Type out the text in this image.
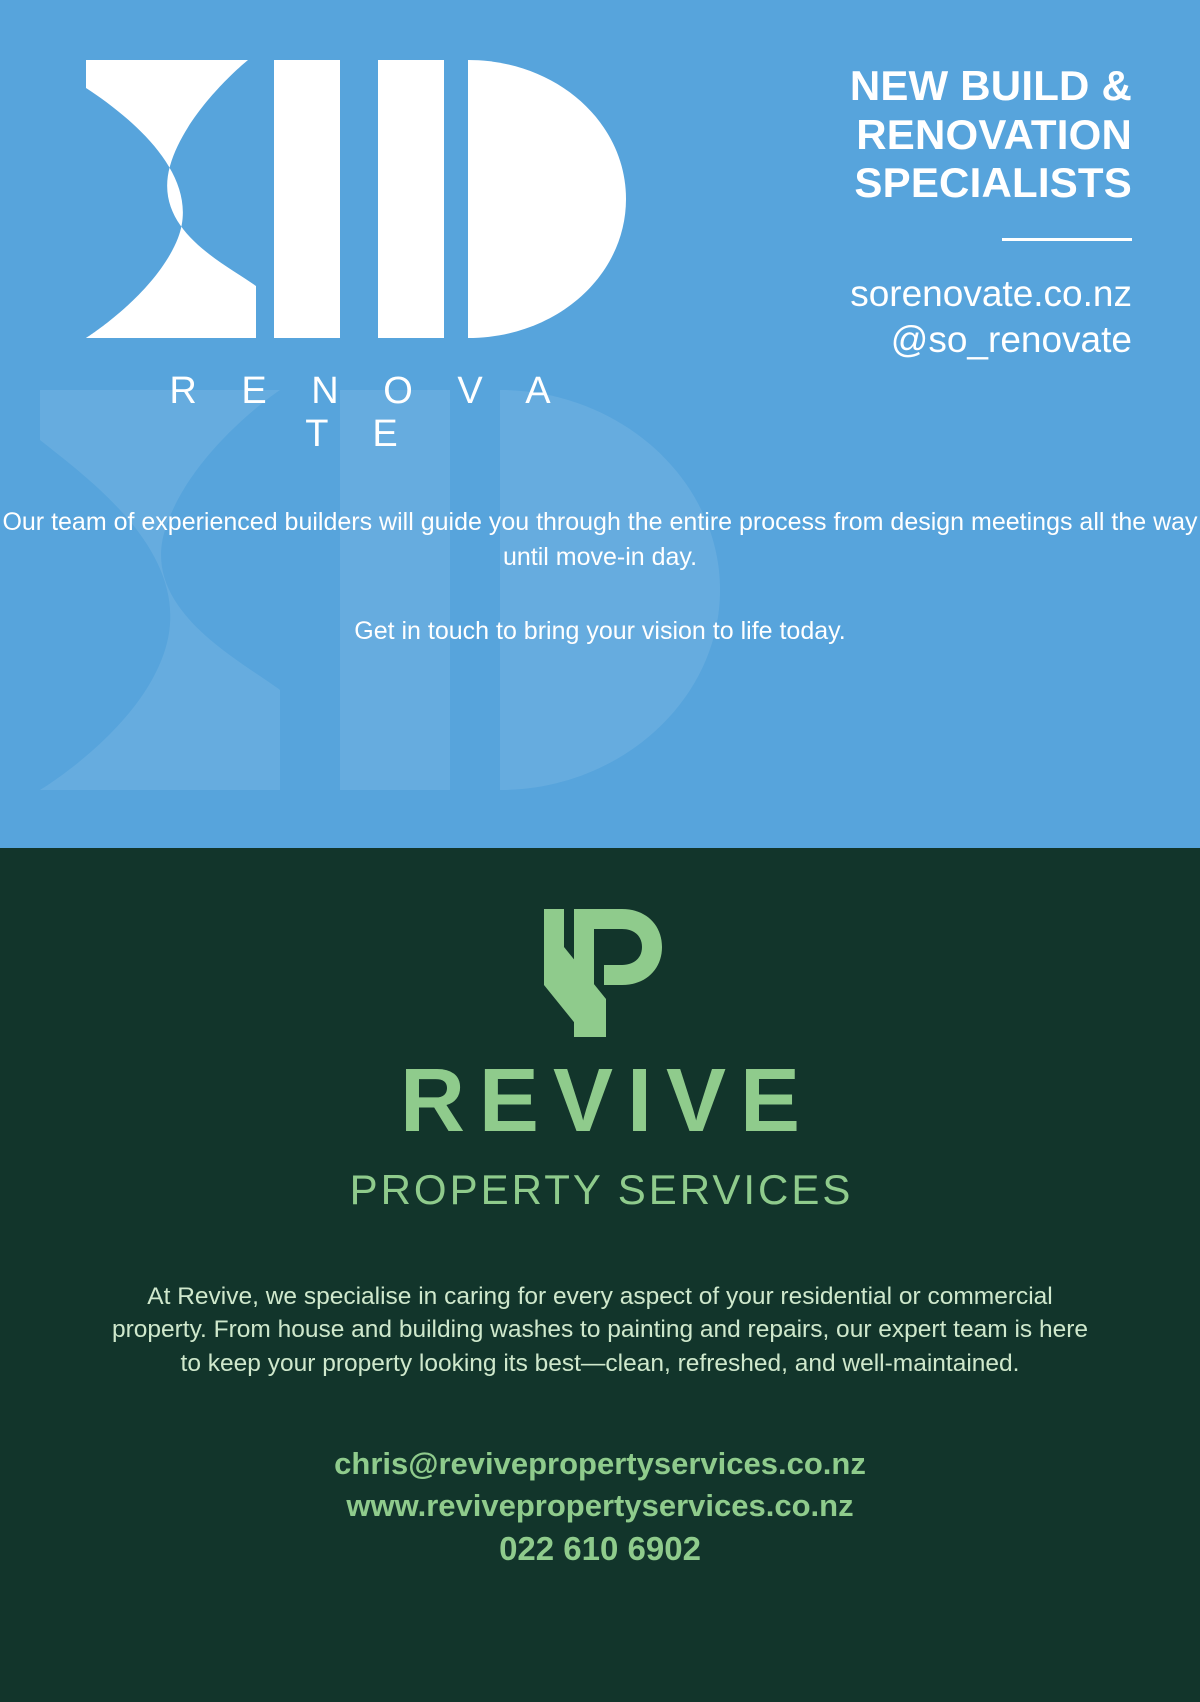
R E N O V A T E
NEW BUILD & RENOVATION SPECIALISTS
sorenovate.co.nz
@so_renovate
Our team of experienced builders will guide you through the entire process from design meetings all the way until move-in day.
Get in touch to bring your vision to life today.
REVIVE
PROPERTY SERVICES
At Revive, we specialise in caring for every aspect of your residential or commercial property. From house and building washes to painting and repairs, our expert team is here to keep your property looking its best—clean, refreshed, and well-maintained.
chris@revivepropertyservices.co.nz
www.revivepropertyservices.co.nz
022 610 6902
